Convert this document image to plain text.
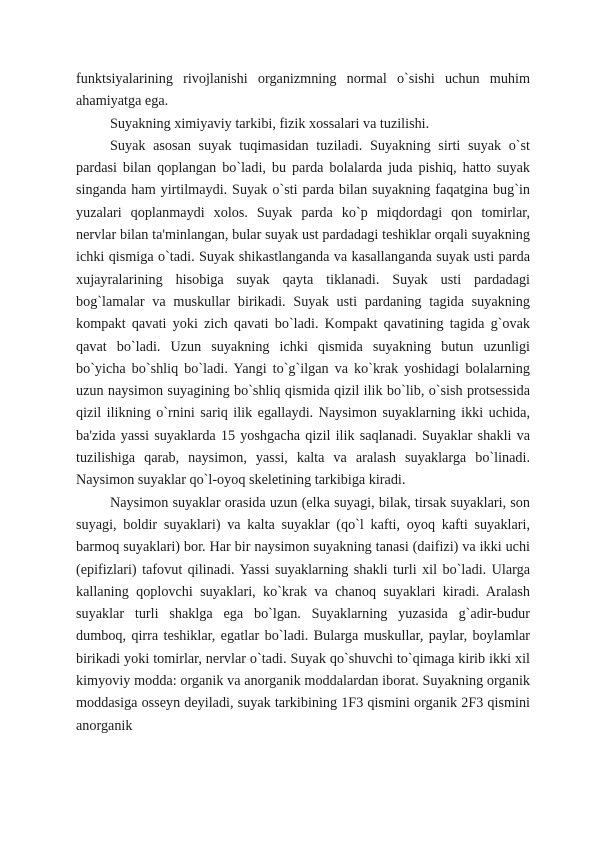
funktsiyalarining rivojlanishi organizmning normal o`sishi uchun muhim ahamiyatga ega.

Suyakning ximiyaviy tarkibi, fizik xossalari va tuzilishi.

Suyak asosan suyak tuqimasidan tuziladi. Suyakning sirti suyak o`st pardasi bilan qoplangan bo`ladi, bu parda bolalarda juda pishiq, hatto suyak singanda ham yirtilmaydi. Suyak o`sti parda bilan suyakning faqatgina bug`in yuzalari qoplanmaydi xolos. Suyak parda ko`p miqdordagi qon tomirlar, nervlar bilan ta'minlangan, bular suyak ust pardadagi teshiklar orqali suyakning ichki qismiga o`tadi. Suyak shikastlanganda va kasallanganda suyak usti parda xujayralarining hisobiga suyak qayta tiklanadi. Suyak usti pardadagi bog`lamalar va muskullar birikadi. Suyak usti pardaning tagida suyakning kompakt qavati yoki zich qavati bo`ladi. Kompakt qavatining tagida g`ovak qavat bo`ladi. Uzun suyakning ichki qismida suyakning butun uzunligi bo`yicha bo`shliq bo`ladi. Yangi to`g`ilgan va ko`krak yoshidagi bolalarning uzun naysimon suyagining bo`shliq qismida qizil ilik bo`lib, o`sish protsessida qizil ilikning o`rnini sariq ilik egallaydi. Naysimon suyaklarning ikki uchida, ba'zida yassi suyaklarda 15 yoshgacha qizil ilik saqlanadi. Suyaklar shakli va tuzilishiga qarab, naysimon, yassi, kalta va aralash suyaklarga bo`linadi. Naysimon suyaklar qo`l-oyoq skeletining tarkibiga kiradi.

Naysimon suyaklar orasida uzun (elka suyagi, bilak, tirsak suyaklari, son suyagi, boldir suyaklari) va kalta suyaklar (qo`l kafti, oyoq kafti suyaklari, barmoq suyaklari) bor. Har bir naysimon suyakning tanasi (daifizi) va ikki uchi (epifizlari) tafovut qilinadi. Yassi suyaklarning shakli turli xil bo`ladi. Ularga kallaning qoplovchi suyaklari, ko`krak va chanoq suyaklari kiradi. Aralash suyaklar turli shaklga ega bo`lgan. Suyaklarning yuzasida g`adir-budur dumboq, qirra teshiklar, egatlar bo`ladi. Bularga muskullar, paylar, boylamlar birikadi yoki tomirlar, nervlar o`tadi. Suyak qo`shuvchi to`qimaga kirib ikki xil kimyoviy modda: organik va anorganik moddalardan iborat. Suyakning organik moddasiga osseyn deyiladi, suyak tarkibining 1F3 qismini organik 2F3 qismini anorganik
